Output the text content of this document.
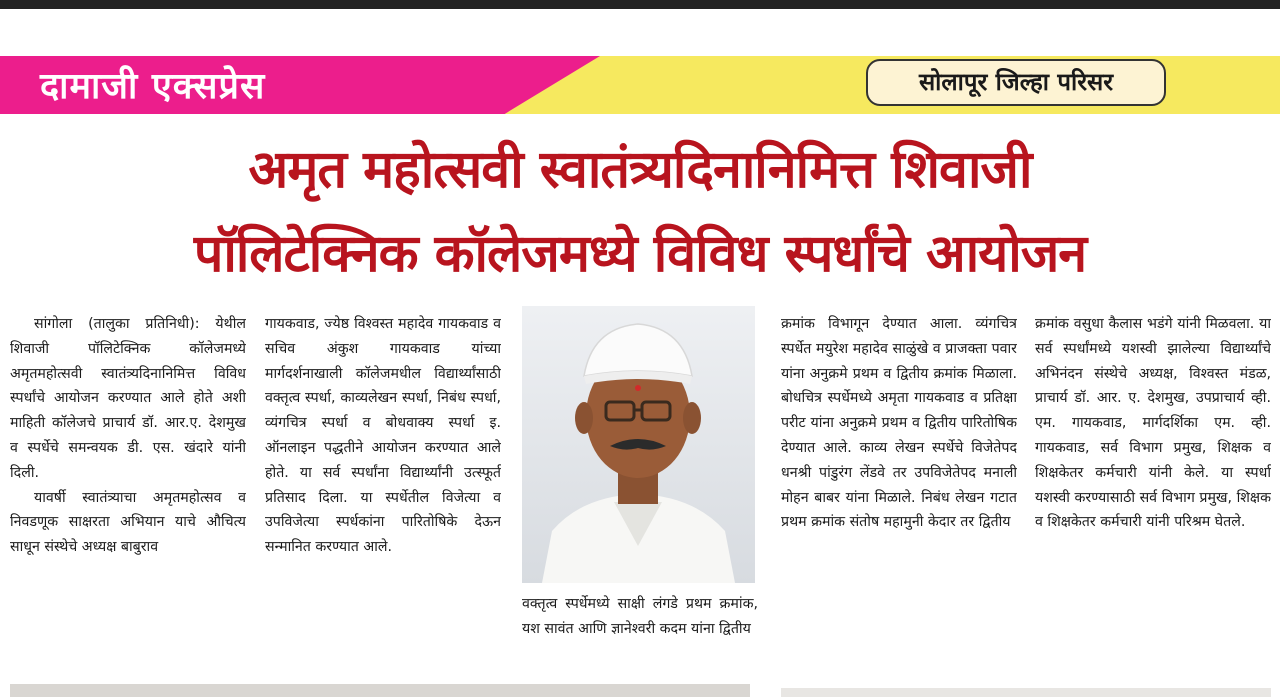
दामाजी एक्सप्रेस	सोलापूर जिल्हा परिसर
अमृत महोत्सवी स्वातंत्र्यदिनानिमित्त शिवाजी
पॉलिटेक्निक कॉलेजमध्ये विविध स्पर्धांचे आयोजन

सांगोला (तालुका प्रतिनिधी): येथील शिवाजी पॉलिटेक्निक कॉलेजमध्ये अमृतमहोत्सवी स्वातंत्र्यदिनानिमित्त विविध स्पर्धांचे आयोजन करण्यात आले होते अशी माहिती कॉलेजचे प्राचार्य डॉ. आर.ए. देशमुख व स्पर्धेचे समन्वयक डी. एस. खंदारे यांनी दिली.

यावर्षी स्वातंत्र्याचा अमृतमहोत्सव व निवडणूक साक्षरता अभियान याचे औचित्य साधून संस्थेचे अध्यक्ष बाबुराव

गायकवाड, ज्येष्ठ विश्वस्त महादेव गायकवाड व सचिव अंकुश गायकवाड यांच्या मार्गदर्शनाखाली कॉलेजमधील विद्यार्थ्यांसाठी वक्तृत्व स्पर्धा, काव्यलेखन स्पर्धा, निबंध स्पर्धा, व्यंगचित्र स्पर्धा व बोधवाक्य स्पर्धा इ. ऑनलाइन पद्धतीने आयोजन करण्यात आले होते. या सर्व स्पर्धांना विद्यार्थ्यांनी उत्स्फूर्त प्रतिसाद दिला. या स्पर्धेतील विजेत्या व उपविजेत्या स्पर्धकांना पारितोषिके देऊन सन्मानित करण्यात आले.

वक्तृत्व स्पर्धेमध्ये साक्षी लंगडे प्रथम क्रमांक, यश सावंत आणि ज्ञानेश्वरी कदम यांना द्वितीय

क्रमांक विभागून देण्यात आला. व्यंगचित्र स्पर्धेत मयुरेश महादेव साळुंखे व प्राजक्ता पवार यांना अनुक्रमे प्रथम व द्वितीय क्रमांक मिळाला. बोधचित्र स्पर्धेमध्ये अमृता गायकवाड व प्रतिक्षा परीट यांना अनुक्रमे प्रथम व द्वितीय पारितोषिक देण्यात आले. काव्य लेखन स्पर्धेचे विजेतेपद धनश्री पांडुरंग लेंडवे तर उपविजेतेपद मनाली मोहन बाबर यांना मिळाले. निबंध लेखन गटात प्रथम क्रमांक संतोष महामुनी केदार तर द्वितीय

क्रमांक वसुधा कैलास भडंगे यांनी मिळवला. या सर्व स्पर्धांमध्ये यशस्वी झालेल्या विद्यार्थ्यांचे अभिनंदन संस्थेचे अध्यक्ष, विश्वस्त मंडळ, प्राचार्य डॉ. आर. ए. देशमुख, उपप्राचार्य व्ही. एम. गायकवाड, मार्गदर्शिका एम. व्ही. गायकवाड, सर्व विभाग प्रमुख, शिक्षक व शिक्षकेतर कर्मचारी यांनी केले. या स्पर्धा यशस्वी करण्यासाठी सर्व विभाग प्रमुख, शिक्षक व शिक्षकेतर कर्मचारी यांनी परिश्रम घेतले.
